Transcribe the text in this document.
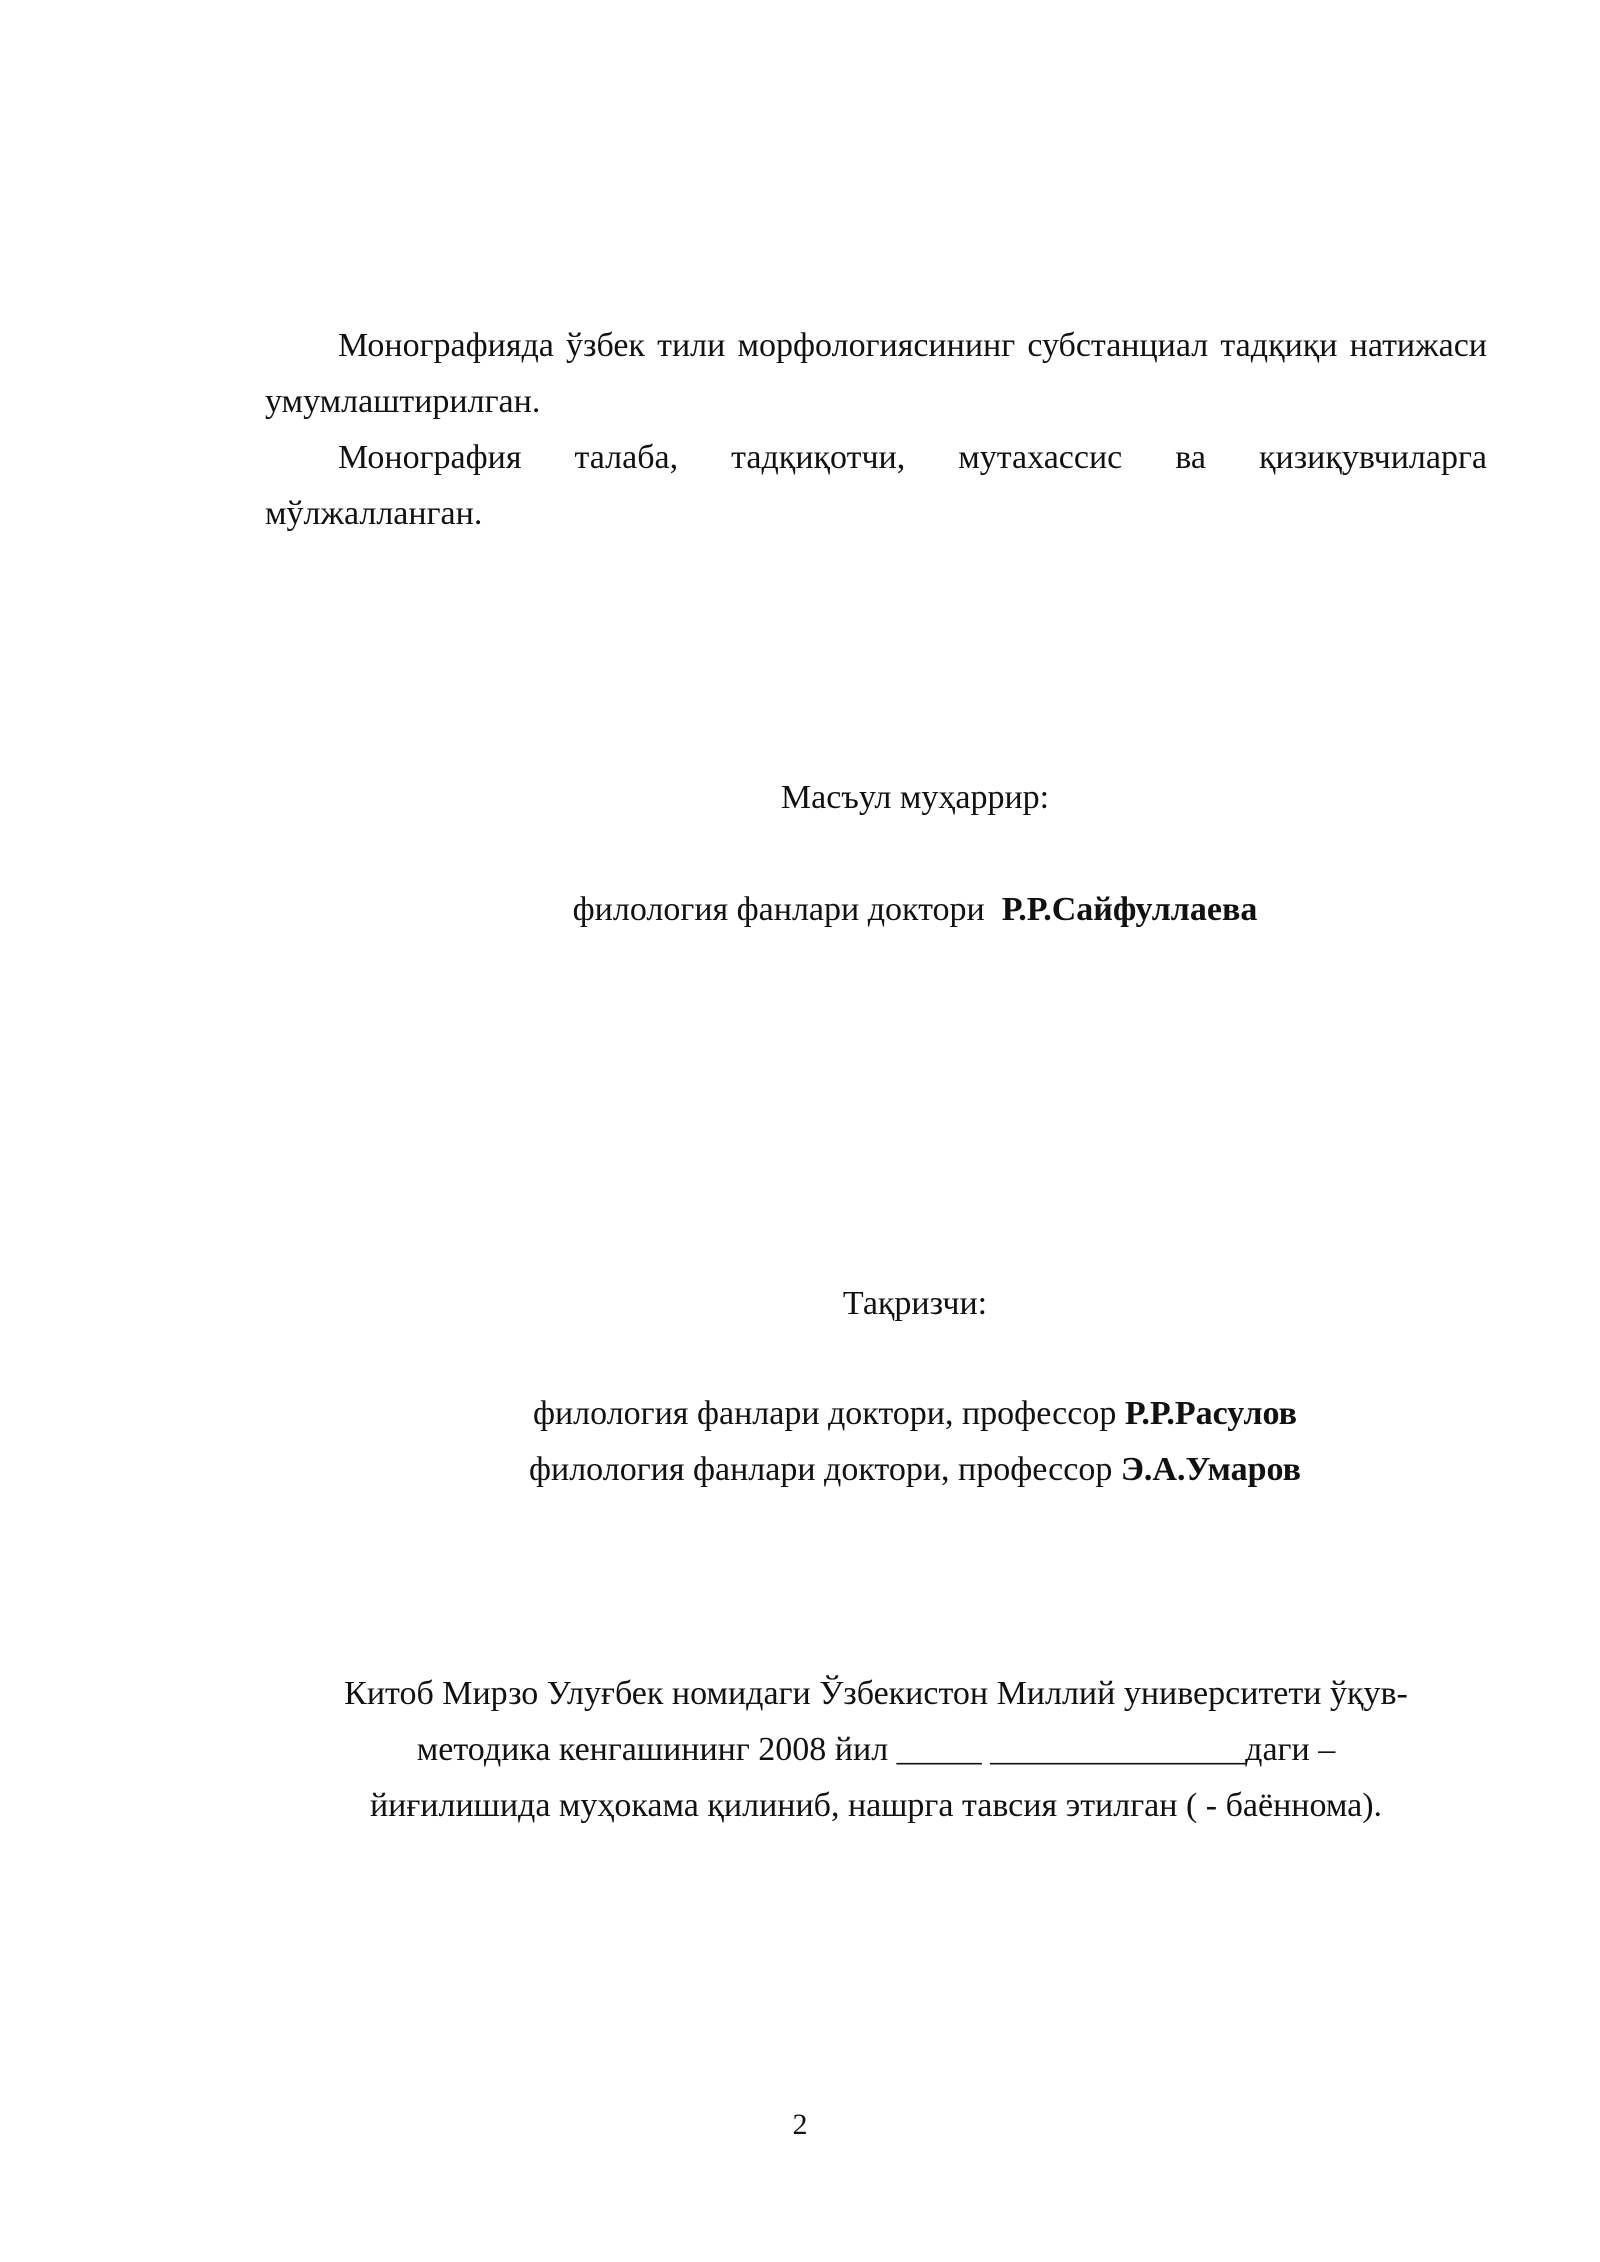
Монографияда ўзбек тили морфологиясининг субстанциал тадқиқи натижаси умумлаштирилган.

Монография талаба, тадқиқотчи, мутахассис ва қизиқувчиларга мўлжалланган.

Масъул муҳаррир:
филология фанлари доктори Р.Р.Сайфуллаева
Тақризчи:
филология фанлари доктори, профессор Р.Р.Расулов
филология фанлари доктори, профессор Э.А.Умаров
Китоб Мирзо Улуғбек номидаги Ўзбекистон Миллий университети ўқув-
методика кенгашининг 2008 йил _____ _______________даги –
йиғилишида муҳокама қилиниб, нашрга тавсия этилган ( - баённома).
2
